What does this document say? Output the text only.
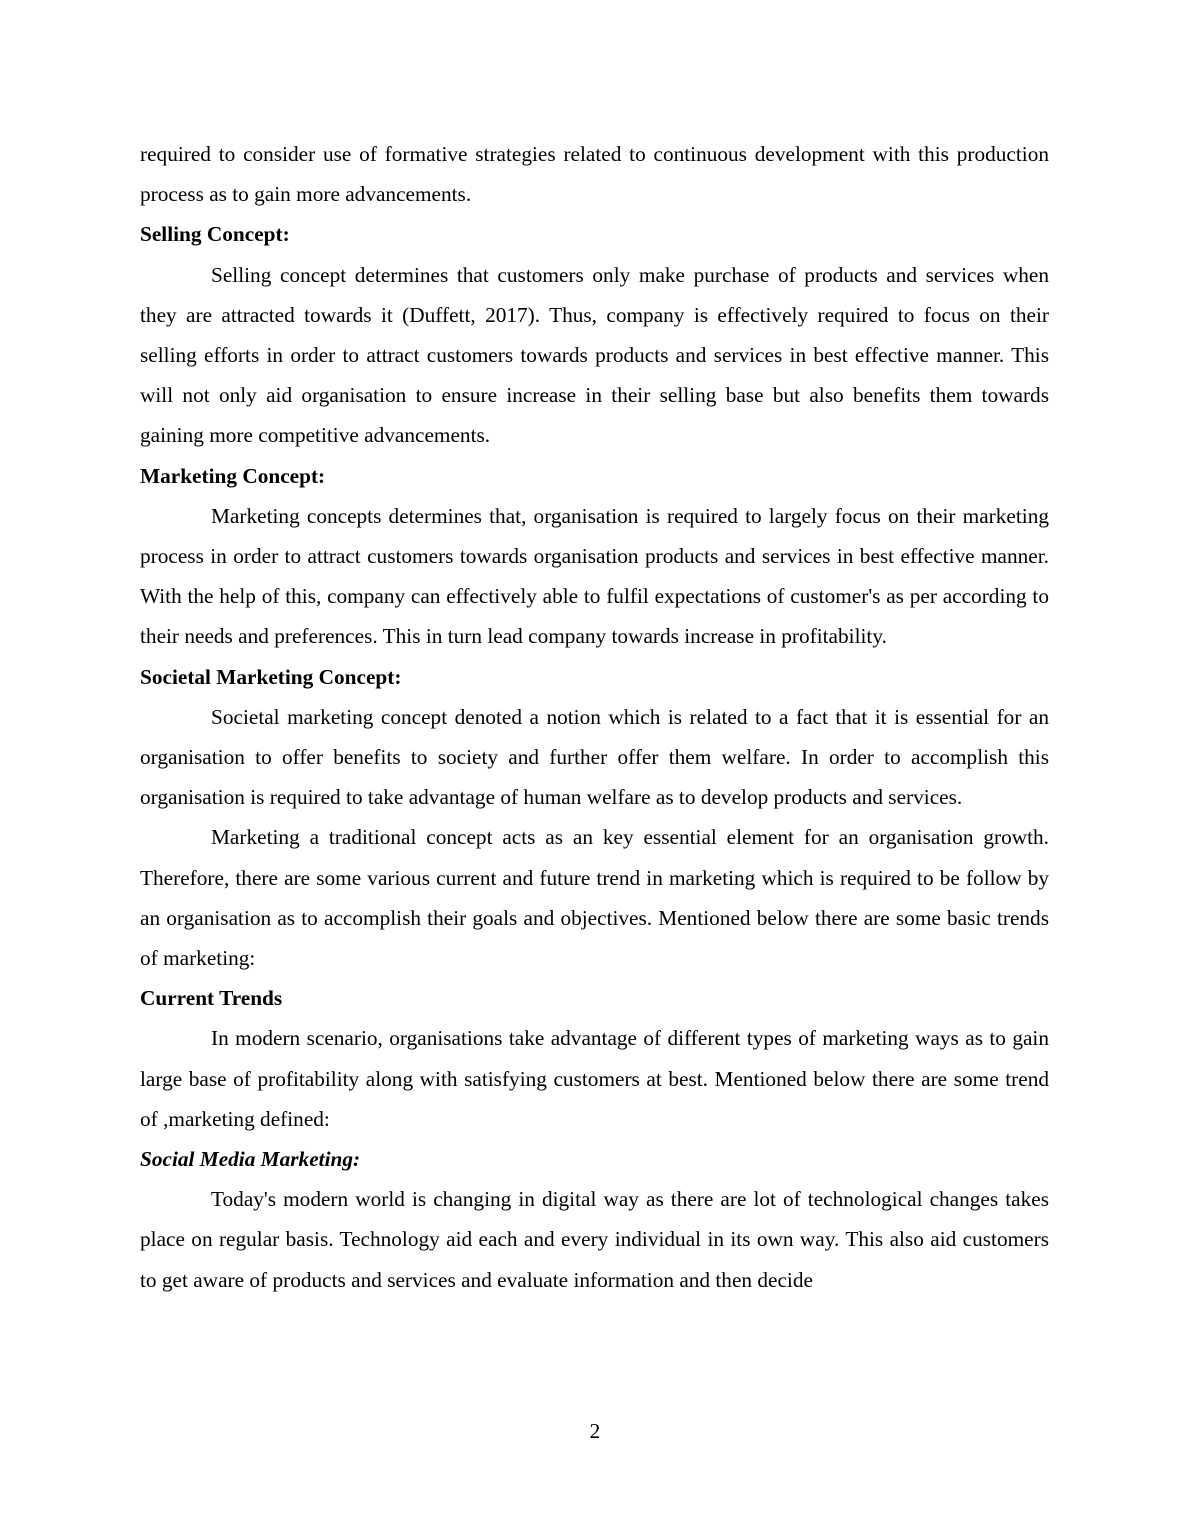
required to consider use of formative strategies related to continuous development with this production process as to gain more advancements.

Selling Concept:

Selling concept determines that customers only make purchase of products and services when they are attracted towards it (Duffett, 2017). Thus, company is effectively required to focus on their selling efforts in order to attract customers towards products and services in best effective manner. This will not only aid organisation to ensure increase in their selling base but also benefits them towards gaining more competitive advancements.

Marketing Concept:

Marketing concepts determines that, organisation is required to largely focus on their marketing process in order to attract customers towards organisation products and services in best effective manner. With the help of this, company can effectively able to fulfil expectations of customer's as per according to their needs and preferences. This in turn lead company towards increase in profitability.

Societal Marketing Concept:

Societal marketing concept denoted a notion which is related to a fact that it is essential for an organisation to offer benefits to society and further offer them welfare. In order to accomplish this organisation is required to take advantage of human welfare as to develop products and services.

Marketing a traditional concept acts as an key essential element for an organisation growth. Therefore, there are some various current and future trend in marketing which is required to be follow by an organisation as to accomplish their goals and objectives. Mentioned below there are some basic trends of marketing:

Current Trends

In modern scenario, organisations take advantage of different types of marketing ways as to gain large base of profitability along with satisfying customers at best. Mentioned below there are some trend of ,marketing defined:

Social Media Marketing:

Today's modern world is changing in digital way as there are lot of technological changes takes place on regular basis. Technology aid each and every individual in its own way. This also aid customers to get aware of products and services and evaluate information and then decide

2
